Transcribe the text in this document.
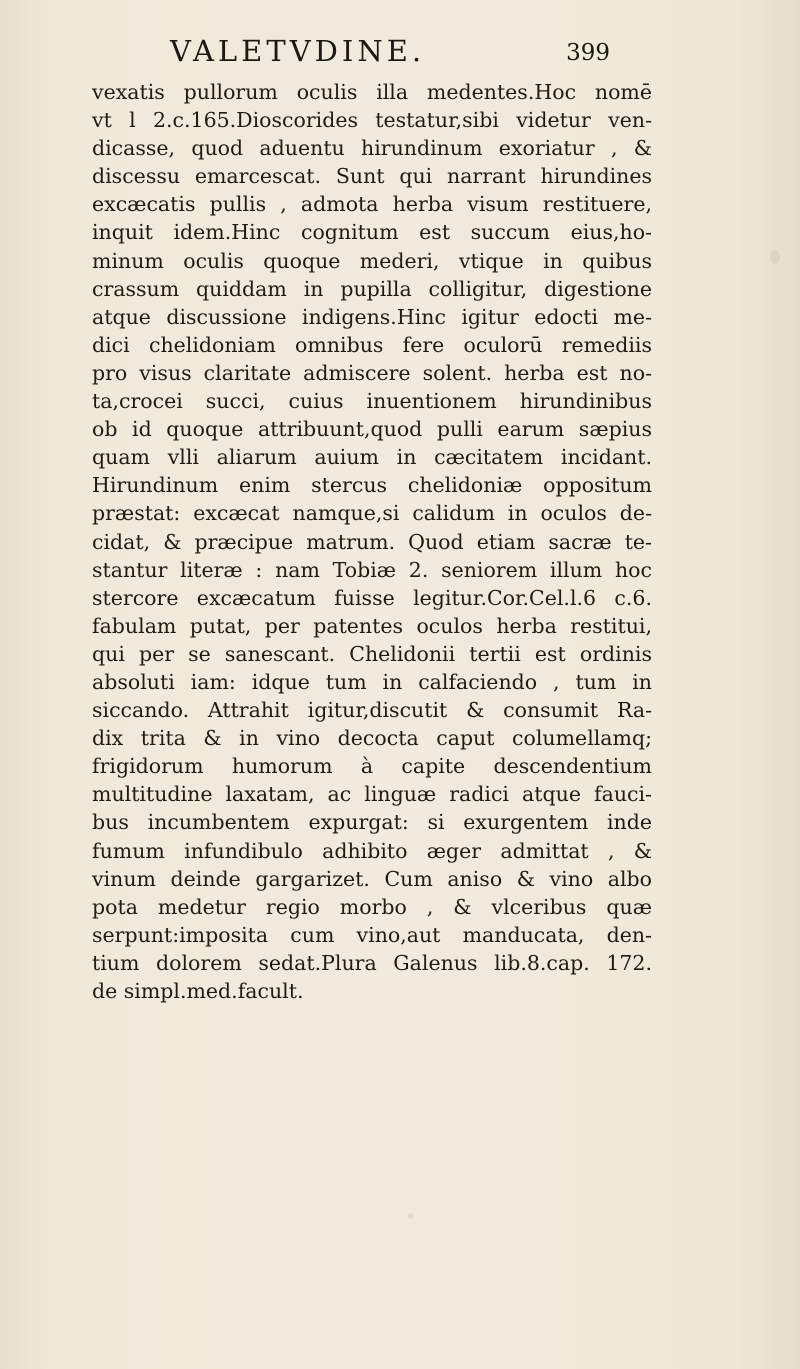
VALETVDINE.	399
vexatis pullorum oculis illa medentes.Hoc nomē
vt l 2.c.165.Dioscorides testatur,sibi videtur ven-
dicasse, quod aduentu hirundinum exoriatur , &
discessu emarcescat. Sunt qui narrant hirundines
excæcatis pullis , admota herba visum restituere,
inquit idem.Hinc cognitum est succum eius,ho-
minum oculis quoque mederi, vtique in quibus
crassum quiddam in pupilla colligitur, digestione
atque discussione indigens.Hinc igitur edocti me-
dici chelidoniam omnibus fere oculorū remediis
pro visus claritate admiscere solent. herba est no-
ta,crocei succi, cuius inuentionem hirundinibus
ob id quoque attribuunt,quod pulli earum sæpius
quam vlli aliarum auium in cæcitatem incidant.
Hirundinum enim stercus chelidoniæ oppositum
præstat: excæcat namque,si calidum in oculos de-
cidat, & præcipue matrum. Quod etiam sacræ te-
stantur literæ : nam Tobiæ 2. seniorem illum hoc
stercore excæcatum fuisse legitur.Cor.Cel.l.6 c.6.
fabulam putat, per patentes oculos herba restitui,
qui per se sanescant. Chelidonii tertii est ordinis
absoluti iam: idque tum in calfaciendo , tum in
siccando. Attrahit igitur,discutit & consumit Ra-
dix trita & in vino decocta caput columellamq;
frigidorum humorum à capite descendentium
multitudine laxatam, ac linguæ radici atque fauci-
bus incumbentem expurgat: si exurgentem inde
fumum infundibulo adhibito æger admittat , &
vinum deinde gargarizet. Cum aniso & vino albo
pota medetur regio morbo , & vlceribus quæ
serpunt:imposita cum vino,aut manducata, den-
tium dolorem sedat.Plura Galenus lib.8.cap. 172.
de simpl.med.facult.
